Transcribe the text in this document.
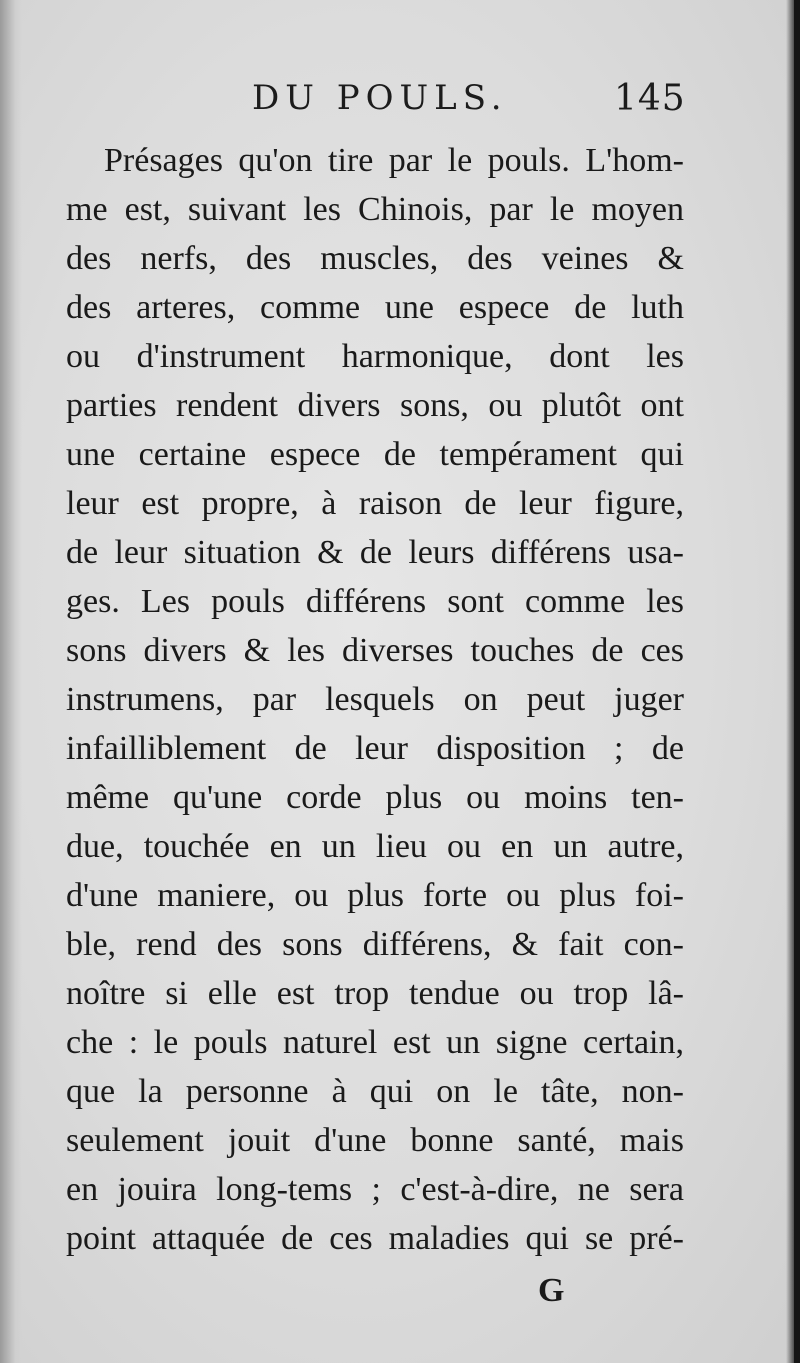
DU POULS.	145
Présages qu'on tire par le pouls. L'hom-
me est, suivant les Chinois, par le moyen
des nerfs, des muscles, des veines &
des arteres, comme une espece de luth
ou d'instrument harmonique, dont les
parties rendent divers sons, ou plutôt ont
une certaine espece de tempérament qui
leur est propre, à raison de leur figure,
de leur situation & de leurs différens usa-
ges. Les pouls différens sont comme les
sons divers & les diverses touches de ces
instrumens, par lesquels on peut juger
infailliblement de leur disposition ; de
même qu'une corde plus ou moins ten-
due, touchée en un lieu ou en un autre,
d'une maniere, ou plus forte ou plus foi-
ble, rend des sons différens, & fait con-
noître si elle est trop tendue ou trop lâ-
che : le pouls naturel est un signe certain,
que la personne à qui on le tâte, non-
seulement jouit d'une bonne santé, mais
en jouira long-tems ; c'est-à-dire, ne sera
point attaquée de ces maladies qui se pré-
G
